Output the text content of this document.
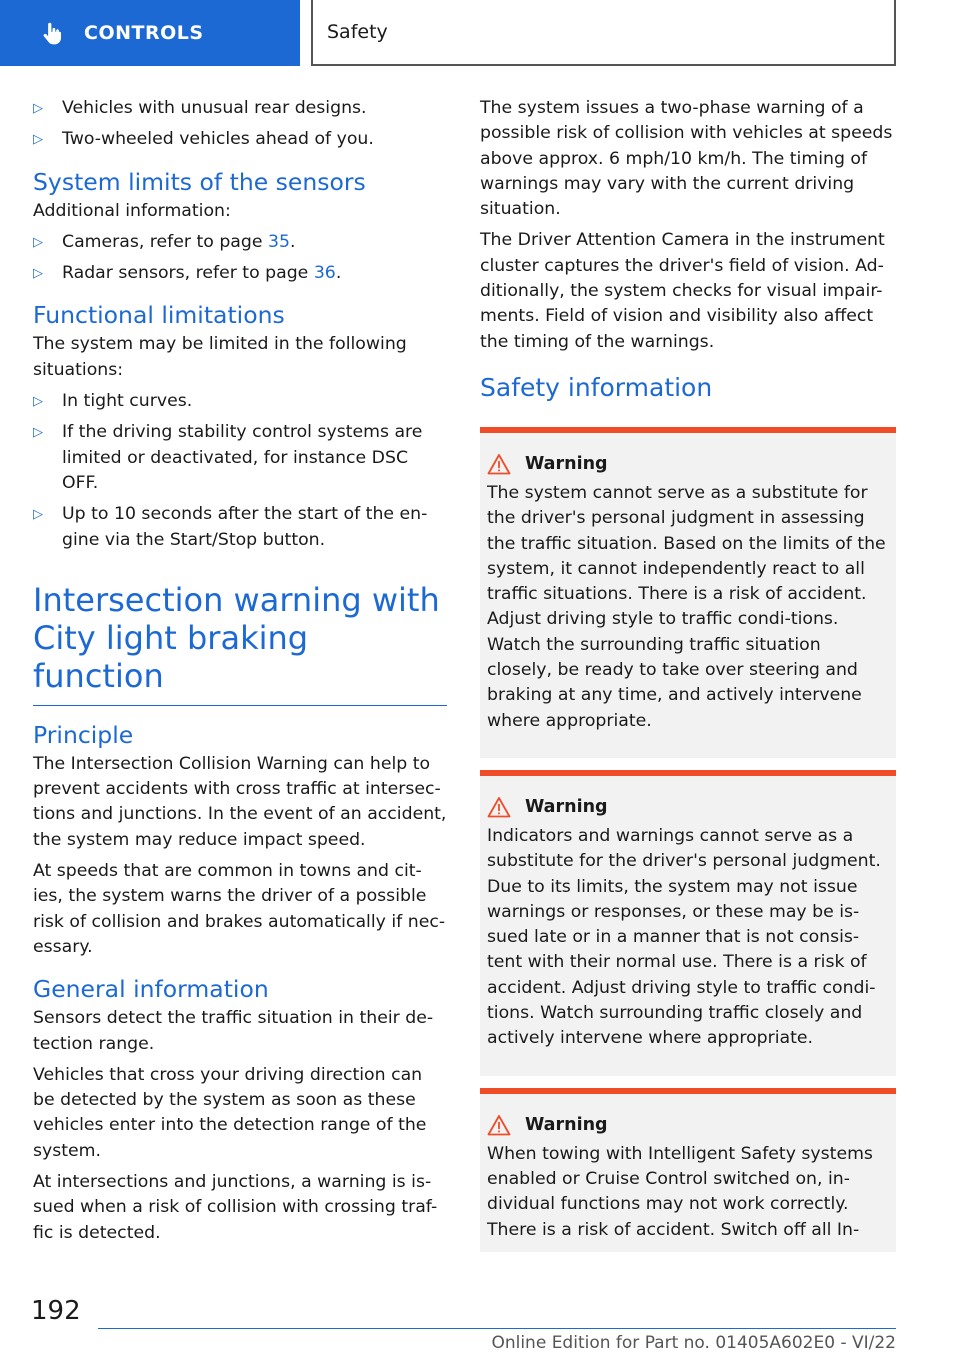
CONTROLS	Safety
▷ Vehicles with unusual rear designs.
▷ Two-wheeled vehicles ahead of you.
System limits of the sensors

Additional information:

▷ Cameras, refer to page 35.
▷ Radar sensors, refer to page 36.
Functional limitations

The system may be limited in the following situations:

▷ In tight curves.
▷ If the driving stability control systems are limited or deactivated, for instance DSC OFF.
▷ Up to 10 seconds after the start of the en-gine via the Start/Stop button.
Intersection warning with City light braking function
Principle

The Intersection Collision Warning can help to prevent accidents with cross traffic at intersec-tions and junctions. In the event of an accident, the system may reduce impact speed.

At speeds that are common in towns and cit-ies, the system warns the driver of a possible risk of collision and brakes automatically if nec-essary.

General information

Sensors detect the traffic situation in their de-tection range.

Vehicles that cross your driving direction can be detected by the system as soon as these vehicles enter into the detection range of the system.

At intersections and junctions, a warning is is-sued when a risk of collision with crossing traf-fic is detected.

The system issues a two-phase warning of a possible risk of collision with vehicles at speeds above approx. 6 mph/10 km/h. The timing of warnings may vary with the current driving situation.

The Driver Attention Camera in the instrument cluster captures the driver's field of vision. Ad-ditionally, the system checks for visual impair-ments. Field of vision and visibility also affect the timing of the warnings.

Safety information
Warning

The system cannot serve as a substitute for the driver's personal judgment in assessing the traffic situation. Based on the limits of the system, it cannot independently react to all traffic situations. There is a risk of accident. Adjust driving style to traffic condi-tions. Watch the surrounding traffic situation closely, be ready to take over steering and braking at any time, and actively intervene where appropriate.

Warning

Indicators and warnings cannot serve as a substitute for the driver's personal judgment. Due to its limits, the system may not issue warnings or responses, or these may be is-sued late or in a manner that is not consis-tent with their normal use. There is a risk of accident. Adjust driving style to traffic condi-tions. Watch surrounding traffic closely and actively intervene where appropriate.

Warning

When towing with Intelligent Safety systems enabled or Cruise Control switched on, in-dividual functions may not work correctly. There is a risk of accident. Switch off all In-

192
Online Edition for Part no. 01405A602E0 - VI/22
